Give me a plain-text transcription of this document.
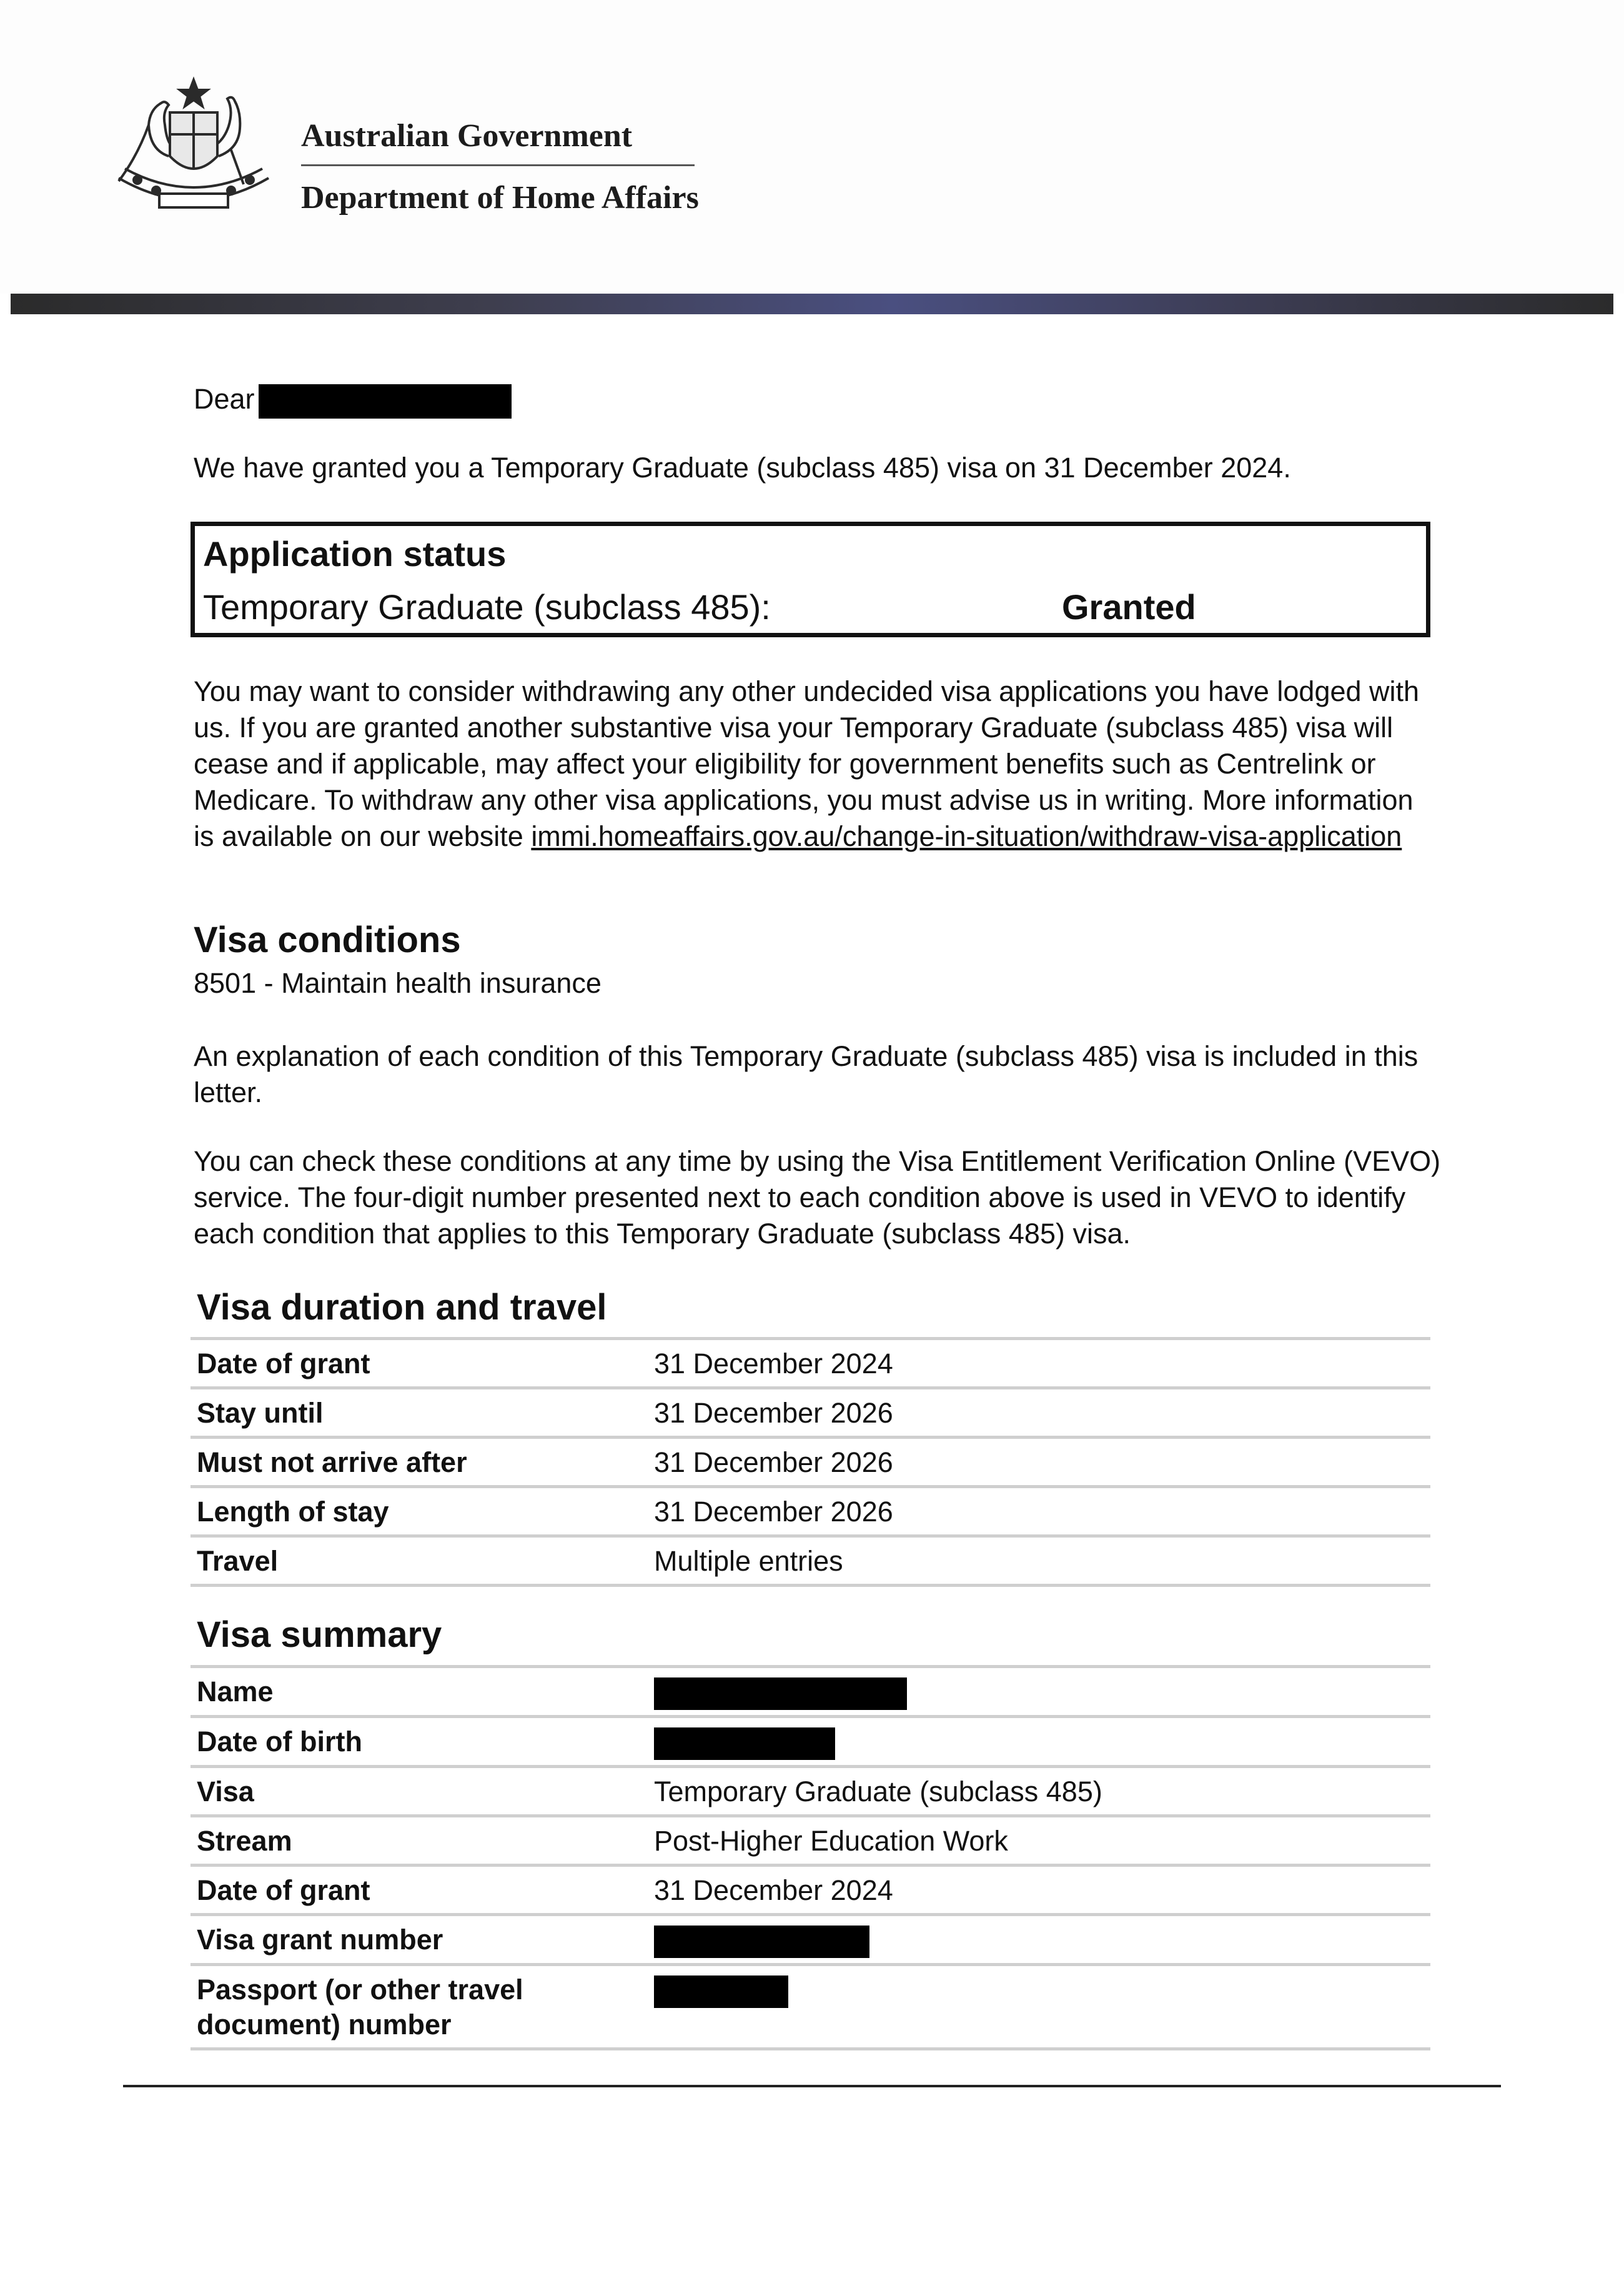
Australian Government
Department of Home Affairs

Dear

We have granted you a Temporary Graduate (subclass 485) visa on 31 December 2024.

Application status
Temporary Graduate (subclass 485):	Granted

You may want to consider withdrawing any other undecided visa applications you have lodged with us. If you are granted another substantive visa your Temporary Graduate (subclass 485) visa will cease and if applicable, may affect your eligibility for government benefits such as Centrelink or Medicare. To withdraw any other visa applications, you must advise us in writing. More information is available on our website immi.homeaffairs.gov.au/change-in-situation/withdraw-visa-application

Visa conditions

8501 - Maintain health insurance

An explanation of each condition of this Temporary Graduate (subclass 485) visa is included in this letter.

You can check these conditions at any time by using the Visa Entitlement Verification Online (VEVO) service. The four-digit number presented next to each condition above is used in VEVO to identify each condition that applies to this Temporary Graduate (subclass 485) visa.

Visa duration and travel
Date of grant	31 December 2024
Stay until	31 December 2026
Must not arrive after	31 December 2026
Length of stay	31 December 2026
Travel	Multiple entries
Visa summary
Name	
Date of birth	
Visa	Temporary Graduate (subclass 485)
Stream	Post-Higher Education Work
Date of grant	31 December 2024
Visa grant number	
Passport (or other travel document) number	
